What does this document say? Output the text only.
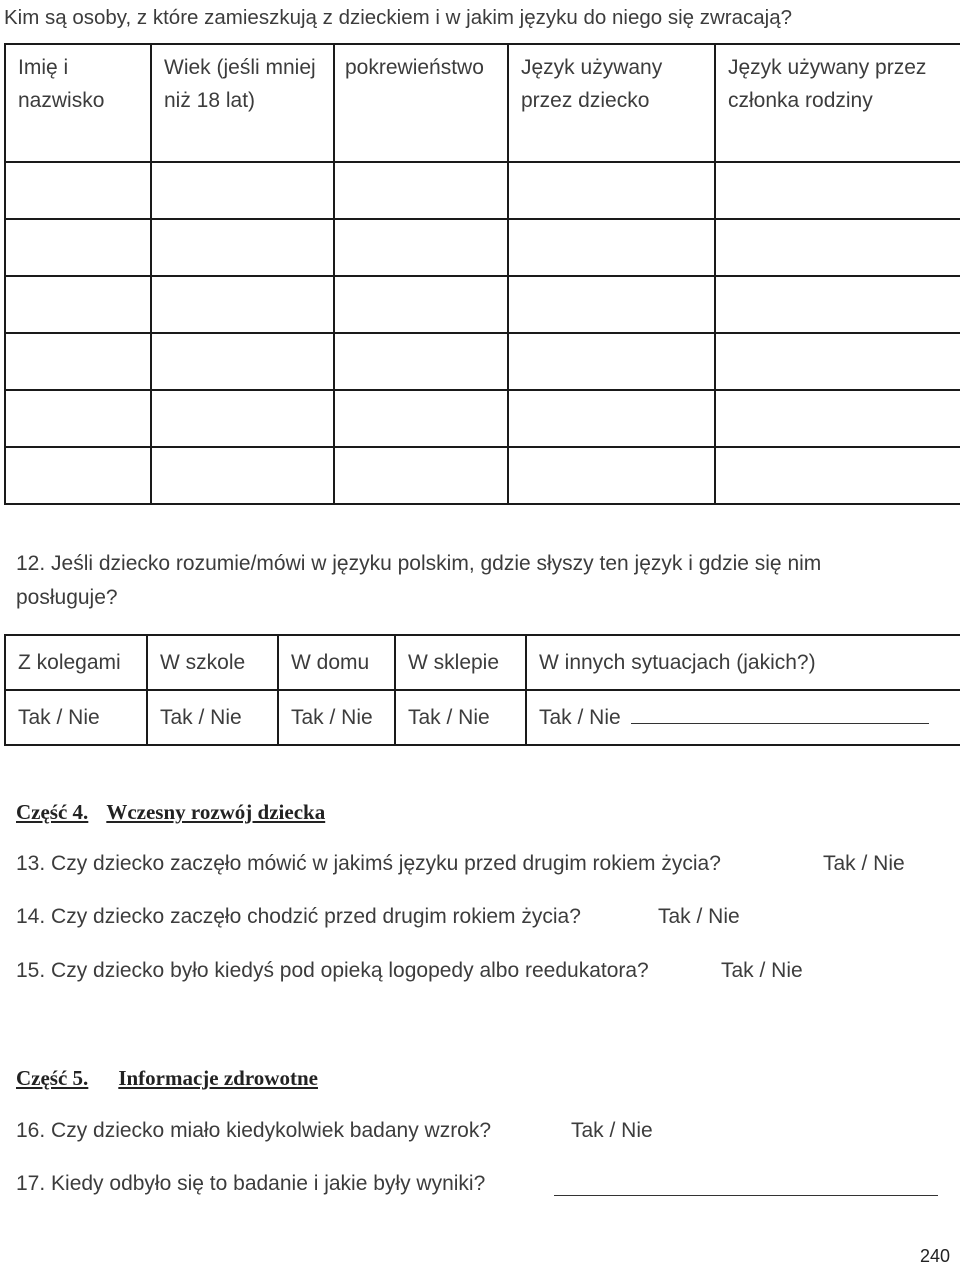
Kim są osoby, z które zamieszkują z dzieckiem i w jakim języku do niego się zwracają?
Imię i nazwisko	Wiek (jeśli mniej niż 18 lat)	pokrewieństwo	Język używany przez dziecko	Język używany przez członka rodziny

12. Jeśli dziecko rozumie/mówi w języku polskim, gdzie słyszy ten język i gdzie się nim
posługuje?
Z kolegami	W szkole	W domu	W sklepie	W innych sytuacjach (jakich?)
Tak / Nie	Tak / Nie	Tak / Nie	Tak / Nie	Tak / Nie
Część 4. Wczesny rozwój dziecka
13. Czy dziecko zaczęło mówić w jakimś języku przed drugim rokiem życia?	Tak / Nie
14. Czy dziecko zaczęło chodzić przed drugim rokiem życia?	Tak / Nie
15. Czy dziecko było kiedyś pod opieką logopedy albo reedukatora?	Tak / Nie
Część 5. Informacje zdrowotne
16. Czy dziecko miało kiedykolwiek badany wzrok?	Tak / Nie
17. Kiedy odbyło się to badanie i jakie były wyniki?
240
